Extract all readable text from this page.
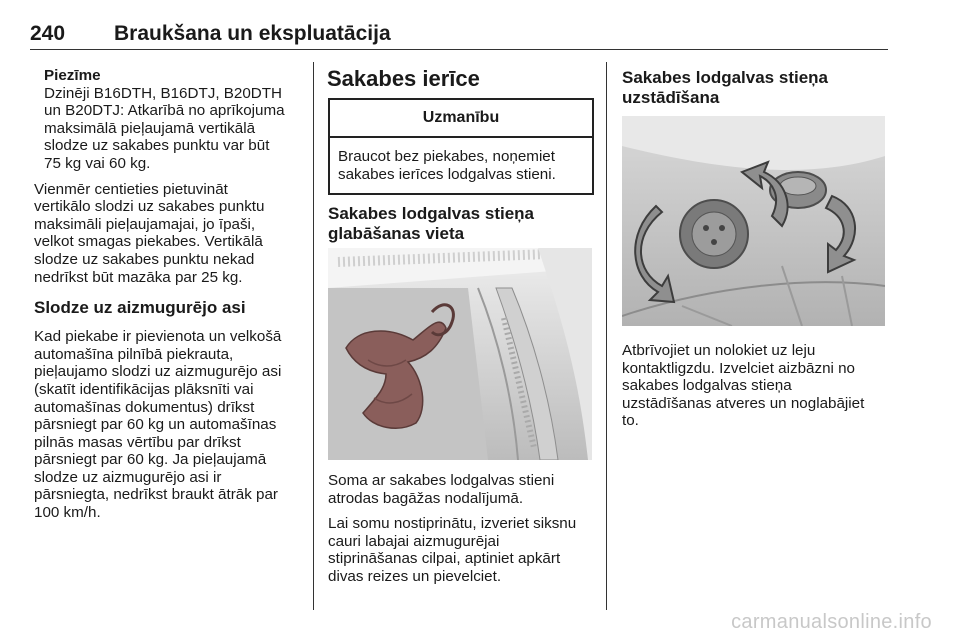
240 Braukšana un ekspluatācija
Piezīme
Dzinēji B16DTH, B16DTJ, B20DTH
un B20DTJ: Atkarībā no aprīkojuma
maksimālā pieļaujamā vertikālā
slodze uz sakabes punktu var būt
75 kg vai 60 kg.
Vienmēr centieties pietuvināt
vertikālo slodzi uz sakabes punktu
maksimāli pieļaujamajai, jo īpaši,
velkot smagas piekabes. Vertikālā
slodze uz sakabes punktu nekad
nedrīkst būt mazāka par 25 kg.
Slodze uz aizmugurējo asi
Kad piekabe ir pievienota un velkošā
automašīna pilnībā piekrauta,
pieļaujamo slodzi uz aizmugurējo asi
(skatīt identifikācijas plāksnīti vai
automašīnas dokumentus) drīkst
pārsniegt par 60 kg un automašīnas
pilnās masas vērtību par drīkst
pārsniegt par 60 kg. Ja pieļaujamā
slodze uz aizmugurējo asi ir
pārsniegta, nedrīkst braukt ātrāk par
100 km/h.
Sakabes ierīce
Uzmanību
Braucot bez piekabes, noņemiet
sakabes ierīces lodgalvas stieni.
Sakabes lodgalvas stieņa
glabāšanas vieta
Soma ar sakabes lodgalvas stieni
atrodas bagāžas nodalījumā.
Lai somu nostiprinātu, izveriet siksnu
cauri labajai aizmugurējai
stiprināšanas cilpai, aptiniet apkārt
divas reizes un pievelciet.
Sakabes lodgalvas stieņa
uzstādīšana
Atbrīvojiet un nolokiet uz leju
kontaktligzdu. Izvelciet aizbāzni no
sakabes lodgalvas stieņa
uzstādīšanas atveres un noglabājiet
to.
carmanualsonline.info
